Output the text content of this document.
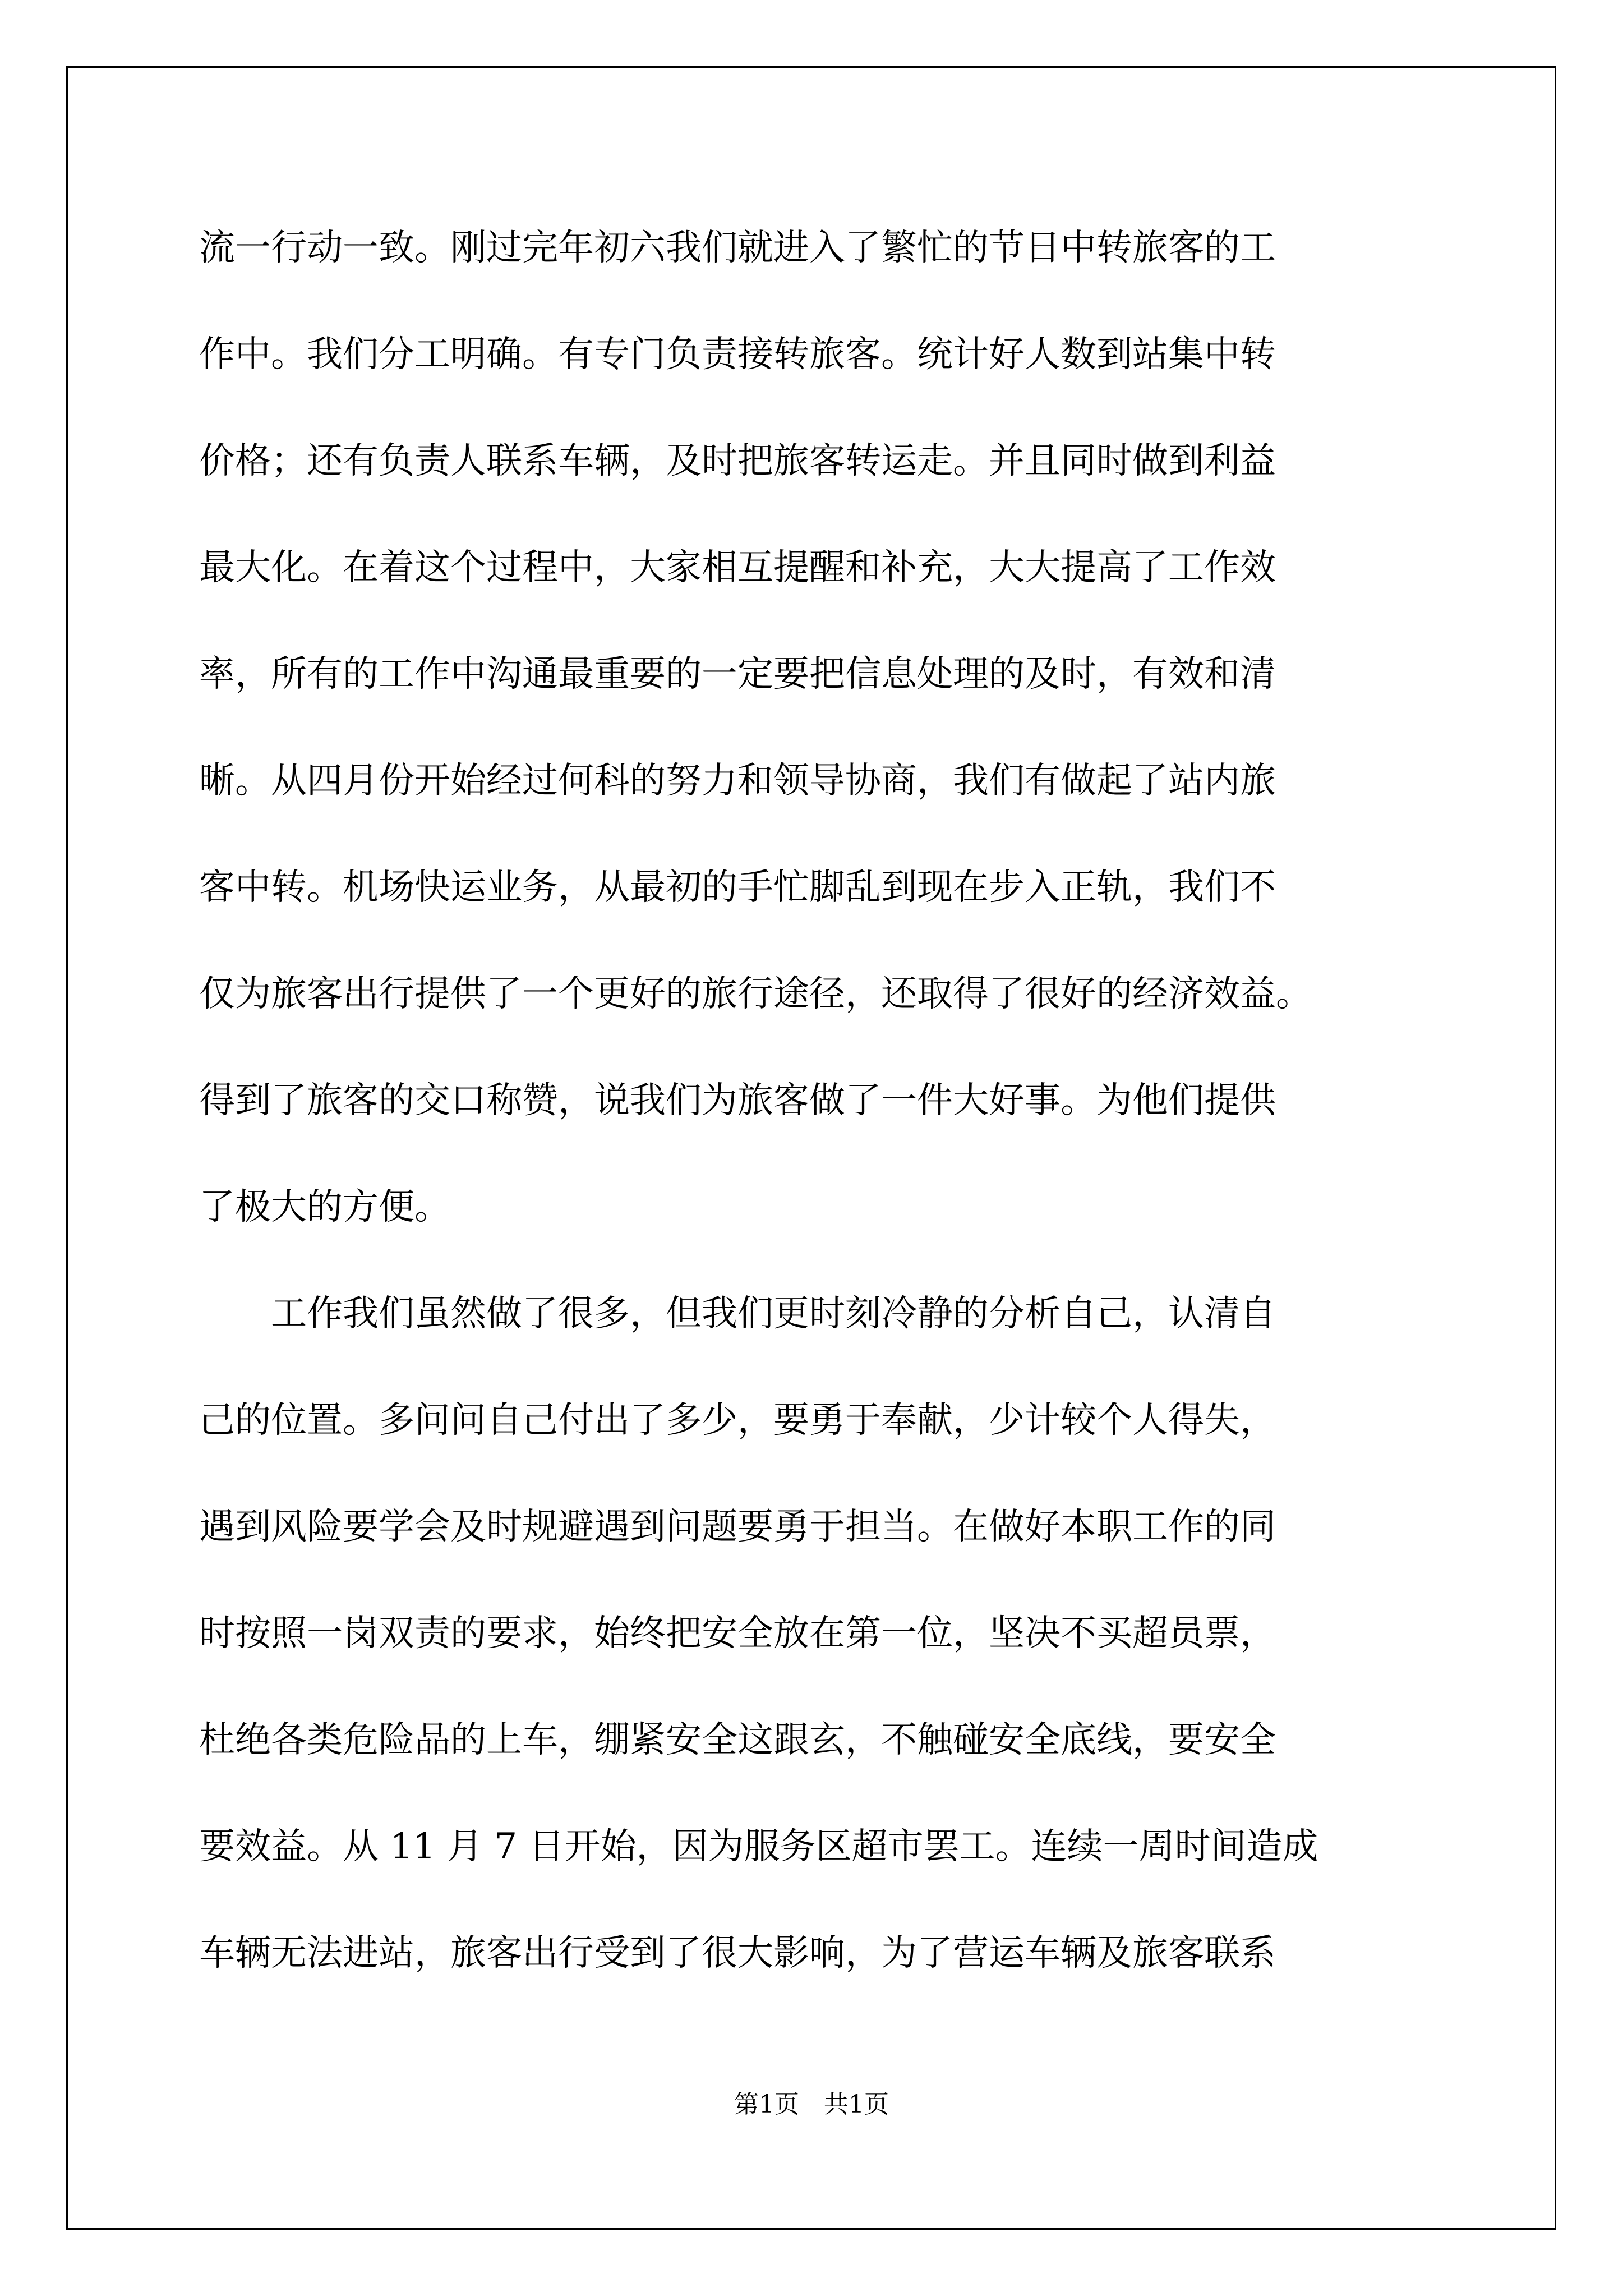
流一行动一致。刚过完年初六我们就进入了繁忙的节日中转旅客的工
作中。我们分工明确。有专门负责接转旅客。统计好人数到站集中转
价格；还有负责人联系车辆，及时把旅客转运走。并且同时做到利益
最大化。在着这个过程中，大家相互提醒和补充，大大提高了工作效
率，所有的工作中沟通最重要的一定要把信息处理的及时，有效和清
晰。从四月份开始经过何科的努力和领导协商，我们有做起了站内旅
客中转。机场快运业务，从最初的手忙脚乱到现在步入正轨，我们不
仅为旅客出行提供了一个更好的旅行途径，还取得了很好的经济效益。
得到了旅客的交口称赞，说我们为旅客做了一件大好事。为他们提供
了极大的方便。
　　工作我们虽然做了很多，但我们更时刻冷静的分析自己，认清自
己的位置。多问问自己付出了多少，要勇于奉献，少计较个人得失，
遇到风险要学会及时规避遇到问题要勇于担当。在做好本职工作的同
时按照一岗双责的要求，始终把安全放在第一位，坚决不买超员票，
杜绝各类危险品的上车，绷紧安全这跟玄，不触碰安全底线，要安全
要效益。从 11 月 7 日开始，因为服务区超市罢工。连续一周时间造成
车辆无法进站，旅客出行受到了很大影响，为了营运车辆及旅客联系
第1页　共1页
